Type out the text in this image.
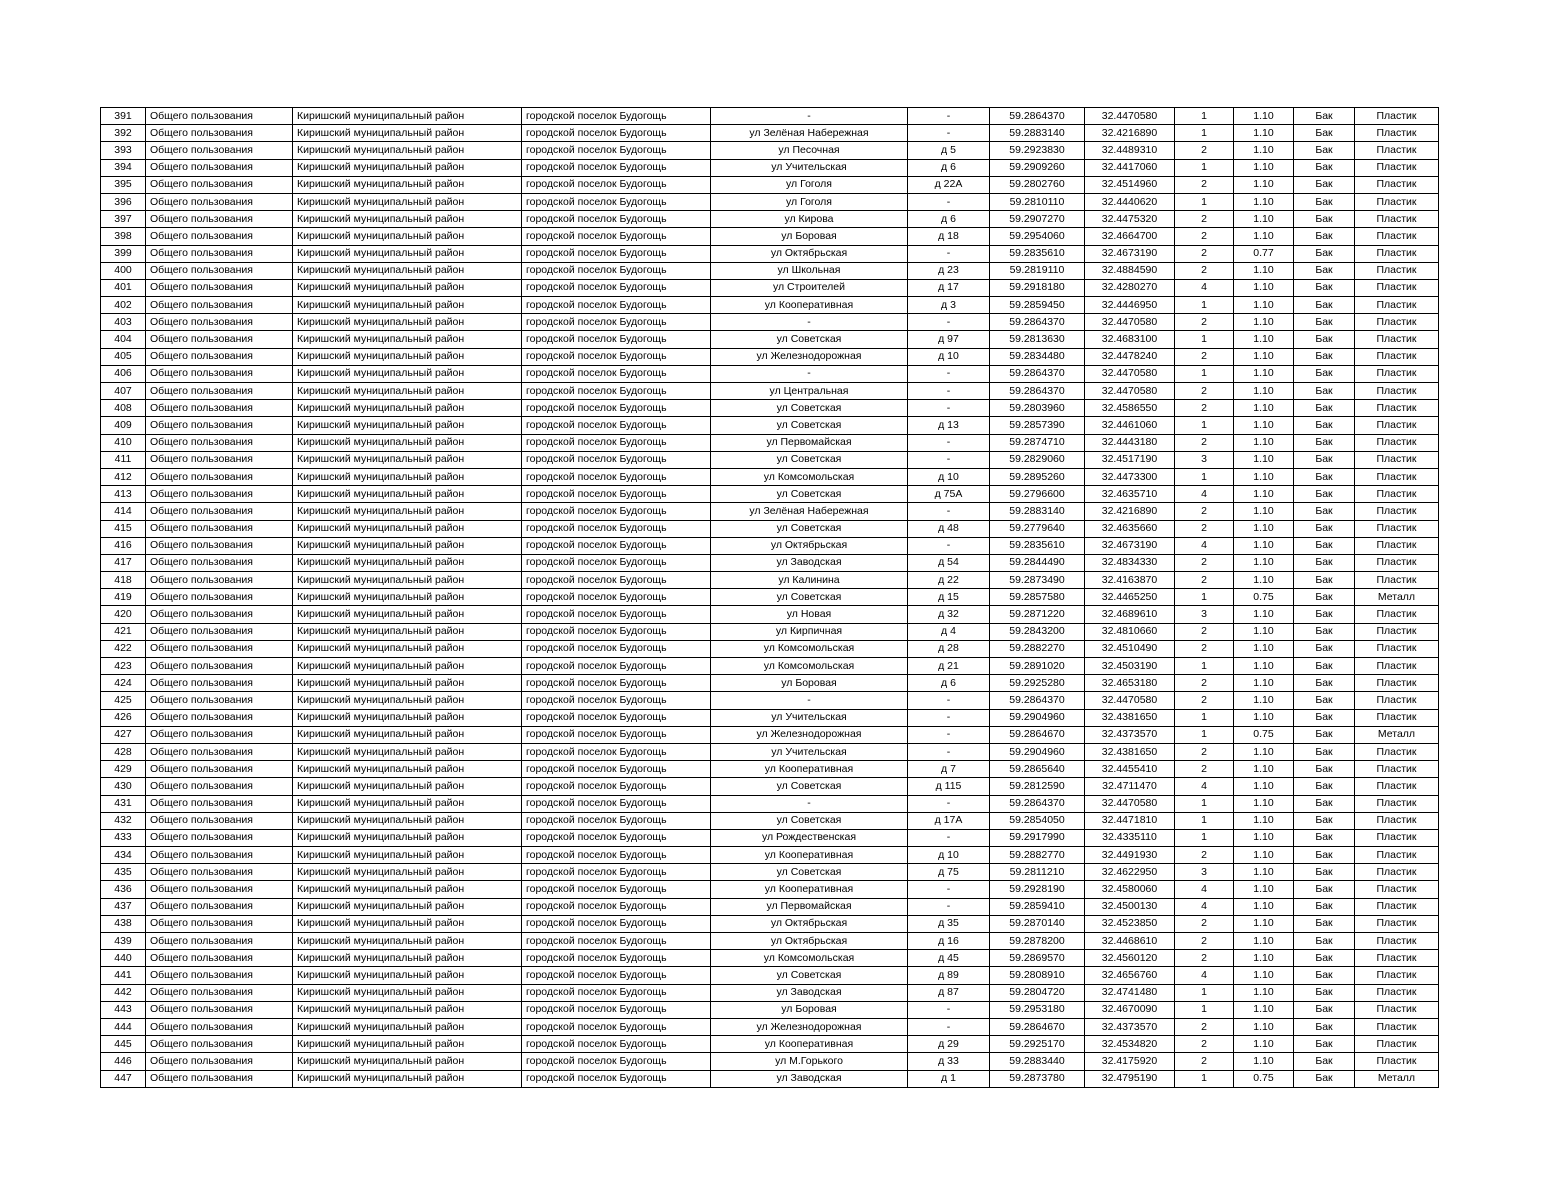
391	Общего пользования	Киришский муниципальный район	городской поселок Будогощь	-	-	59.2864370	32.4470580	1	1.10	Бак	Пластик
392	Общего пользования	Киришский муниципальный район	городской поселок Будогощь	ул Зелёная Набережная	-	59.2883140	32.4216890	1	1.10	Бак	Пластик
393	Общего пользования	Киришский муниципальный район	городской поселок Будогощь	ул Песочная	д 5	59.2923830	32.4489310	2	1.10	Бак	Пластик
394	Общего пользования	Киришский муниципальный район	городской поселок Будогощь	ул Учительская	д 6	59.2909260	32.4417060	1	1.10	Бак	Пластик
395	Общего пользования	Киришский муниципальный район	городской поселок Будогощь	ул Гоголя	д 22А	59.2802760	32.4514960	2	1.10	Бак	Пластик
396	Общего пользования	Киришский муниципальный район	городской поселок Будогощь	ул Гоголя	-	59.2810110	32.4440620	1	1.10	Бак	Пластик
397	Общего пользования	Киришский муниципальный район	городской поселок Будогощь	ул Кирова	д 6	59.2907270	32.4475320	2	1.10	Бак	Пластик
398	Общего пользования	Киришский муниципальный район	городской поселок Будогощь	ул Боровая	д 18	59.2954060	32.4664700	2	1.10	Бак	Пластик
399	Общего пользования	Киришский муниципальный район	городской поселок Будогощь	ул Октябрьская	-	59.2835610	32.4673190	2	0.77	Бак	Пластик
400	Общего пользования	Киришский муниципальный район	городской поселок Будогощь	ул Школьная	д 23	59.2819110	32.4884590	2	1.10	Бак	Пластик
401	Общего пользования	Киришский муниципальный район	городской поселок Будогощь	ул Строителей	д 17	59.2918180	32.4280270	4	1.10	Бак	Пластик
402	Общего пользования	Киришский муниципальный район	городской поселок Будогощь	ул Кооперативная	д 3	59.2859450	32.4446950	1	1.10	Бак	Пластик
403	Общего пользования	Киришский муниципальный район	городской поселок Будогощь	-	-	59.2864370	32.4470580	2	1.10	Бак	Пластик
404	Общего пользования	Киришский муниципальный район	городской поселок Будогощь	ул Советская	д 97	59.2813630	32.4683100	1	1.10	Бак	Пластик
405	Общего пользования	Киришский муниципальный район	городской поселок Будогощь	ул Железнодорожная	д 10	59.2834480	32.4478240	2	1.10	Бак	Пластик
406	Общего пользования	Киришский муниципальный район	городской поселок Будогощь	-	-	59.2864370	32.4470580	1	1.10	Бак	Пластик
407	Общего пользования	Киришский муниципальный район	городской поселок Будогощь	ул Центральная	-	59.2864370	32.4470580	2	1.10	Бак	Пластик
408	Общего пользования	Киришский муниципальный район	городской поселок Будогощь	ул Советская	-	59.2803960	32.4586550	2	1.10	Бак	Пластик
409	Общего пользования	Киришский муниципальный район	городской поселок Будогощь	ул Советская	д 13	59.2857390	32.4461060	1	1.10	Бак	Пластик
410	Общего пользования	Киришский муниципальный район	городской поселок Будогощь	ул Первомайская	-	59.2874710	32.4443180	2	1.10	Бак	Пластик
411	Общего пользования	Киришский муниципальный район	городской поселок Будогощь	ул Советская	-	59.2829060	32.4517190	3	1.10	Бак	Пластик
412	Общего пользования	Киришский муниципальный район	городской поселок Будогощь	ул Комсомольская	д 10	59.2895260	32.4473300	1	1.10	Бак	Пластик
413	Общего пользования	Киришский муниципальный район	городской поселок Будогощь	ул Советская	д 75А	59.2796600	32.4635710	4	1.10	Бак	Пластик
414	Общего пользования	Киришский муниципальный район	городской поселок Будогощь	ул Зелёная Набережная	-	59.2883140	32.4216890	2	1.10	Бак	Пластик
415	Общего пользования	Киришский муниципальный район	городской поселок Будогощь	ул Советская	д 48	59.2779640	32.4635660	2	1.10	Бак	Пластик
416	Общего пользования	Киришский муниципальный район	городской поселок Будогощь	ул Октябрьская	-	59.2835610	32.4673190	4	1.10	Бак	Пластик
417	Общего пользования	Киришский муниципальный район	городской поселок Будогощь	ул Заводская	д 54	59.2844490	32.4834330	2	1.10	Бак	Пластик
418	Общего пользования	Киришский муниципальный район	городской поселок Будогощь	ул Калинина	д 22	59.2873490	32.4163870	2	1.10	Бак	Пластик
419	Общего пользования	Киришский муниципальный район	городской поселок Будогощь	ул Советская	д 15	59.2857580	32.4465250	1	0.75	Бак	Металл
420	Общего пользования	Киришский муниципальный район	городской поселок Будогощь	ул Новая	д 32	59.2871220	32.4689610	3	1.10	Бак	Пластик
421	Общего пользования	Киришский муниципальный район	городской поселок Будогощь	ул Кирпичная	д 4	59.2843200	32.4810660	2	1.10	Бак	Пластик
422	Общего пользования	Киришский муниципальный район	городской поселок Будогощь	ул Комсомольская	д 28	59.2882270	32.4510490	2	1.10	Бак	Пластик
423	Общего пользования	Киришский муниципальный район	городской поселок Будогощь	ул Комсомольская	д 21	59.2891020	32.4503190	1	1.10	Бак	Пластик
424	Общего пользования	Киришский муниципальный район	городской поселок Будогощь	ул Боровая	д 6	59.2925280	32.4653180	2	1.10	Бак	Пластик
425	Общего пользования	Киришский муниципальный район	городской поселок Будогощь	-	-	59.2864370	32.4470580	2	1.10	Бак	Пластик
426	Общего пользования	Киришский муниципальный район	городской поселок Будогощь	ул Учительская	-	59.2904960	32.4381650	1	1.10	Бак	Пластик
427	Общего пользования	Киришский муниципальный район	городской поселок Будогощь	ул Железнодорожная	-	59.2864670	32.4373570	1	0.75	Бак	Металл
428	Общего пользования	Киришский муниципальный район	городской поселок Будогощь	ул Учительская	-	59.2904960	32.4381650	2	1.10	Бак	Пластик
429	Общего пользования	Киришский муниципальный район	городской поселок Будогощь	ул Кооперативная	д 7	59.2865640	32.4455410	2	1.10	Бак	Пластик
430	Общего пользования	Киришский муниципальный район	городской поселок Будогощь	ул Советская	д 115	59.2812590	32.4711470	4	1.10	Бак	Пластик
431	Общего пользования	Киришский муниципальный район	городской поселок Будогощь	-	-	59.2864370	32.4470580	1	1.10	Бак	Пластик
432	Общего пользования	Киришский муниципальный район	городской поселок Будогощь	ул Советская	д 17А	59.2854050	32.4471810	1	1.10	Бак	Пластик
433	Общего пользования	Киришский муниципальный район	городской поселок Будогощь	ул Рождественская	-	59.2917990	32.4335110	1	1.10	Бак	Пластик
434	Общего пользования	Киришский муниципальный район	городской поселок Будогощь	ул Кооперативная	д 10	59.2882770	32.4491930	2	1.10	Бак	Пластик
435	Общего пользования	Киришский муниципальный район	городской поселок Будогощь	ул Советская	д 75	59.2811210	32.4622950	3	1.10	Бак	Пластик
436	Общего пользования	Киришский муниципальный район	городской поселок Будогощь	ул Кооперативная	-	59.2928190	32.4580060	4	1.10	Бак	Пластик
437	Общего пользования	Киришский муниципальный район	городской поселок Будогощь	ул Первомайская	-	59.2859410	32.4500130	4	1.10	Бак	Пластик
438	Общего пользования	Киришский муниципальный район	городской поселок Будогощь	ул Октябрьская	д 35	59.2870140	32.4523850	2	1.10	Бак	Пластик
439	Общего пользования	Киришский муниципальный район	городской поселок Будогощь	ул Октябрьская	д 16	59.2878200	32.4468610	2	1.10	Бак	Пластик
440	Общего пользования	Киришский муниципальный район	городской поселок Будогощь	ул Комсомольская	д 45	59.2869570	32.4560120	2	1.10	Бак	Пластик
441	Общего пользования	Киришский муниципальный район	городской поселок Будогощь	ул Советская	д 89	59.2808910	32.4656760	4	1.10	Бак	Пластик
442	Общего пользования	Киришский муниципальный район	городской поселок Будогощь	ул Заводская	д 87	59.2804720	32.4741480	1	1.10	Бак	Пластик
443	Общего пользования	Киришский муниципальный район	городской поселок Будогощь	ул Боровая	-	59.2953180	32.4670090	1	1.10	Бак	Пластик
444	Общего пользования	Киришский муниципальный район	городской поселок Будогощь	ул Железнодорожная	-	59.2864670	32.4373570	2	1.10	Бак	Пластик
445	Общего пользования	Киришский муниципальный район	городской поселок Будогощь	ул Кооперативная	д 29	59.2925170	32.4534820	2	1.10	Бак	Пластик
446	Общего пользования	Киришский муниципальный район	городской поселок Будогощь	ул М.Горького	д 33	59.2883440	32.4175920	2	1.10	Бак	Пластик
447	Общего пользования	Киришский муниципальный район	городской поселок Будогощь	ул Заводская	д 1	59.2873780	32.4795190	1	0.75	Бак	Металл
